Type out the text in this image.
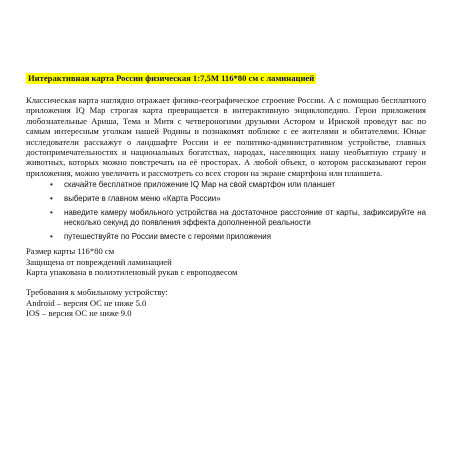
Интерактивная карта России физическая 1:7,5М 116*80 см с ламинацией

Классическая карта наглядно отражает физико-географическое строение России. А с помощью бесплатного приложения IQ Map строгая карта превращается в интерактивную энциклопедию. Герои приложения любознательные Ариша, Тема и Митя с четвероногими друзьями Астором и Ириской проведут вас по самым интересным уголкам нашей Родины и познакомят поближе с ее жителями и обитателями. Юные исследователи расскажут о ландшафте России и ее политико-административном устройстве, главных достопримечательностях и национальных богатствах, народах, населяющих нашу необъятную страну и животных, которых можно повстречать на её просторах. А любой объект, о котором рассказывают герои приложения, можно увеличить и рассмотреть со всех сторон на экране смартфона или планшета.

• скачайте бесплатное приложение IQ Map на свой смартфон или планшет
• выберите в главном меню «Карта России»
• наведите камеру мобильного устройства на достаточное расстояние от карты, зафиксируйте на несколько секунд до появления эффекта дополненной реальности
• путешествуйте по России вместе с героями приложения

Размер карты 116*80 см

Защищена от повреждений ламинацией

Карта упакована в полиэтиленовый рукав с европодвесом

Требования к мобильному устройству:

Android – версия ОС не ниже 5.0

IOS – версия ОС не ниже 9.0
